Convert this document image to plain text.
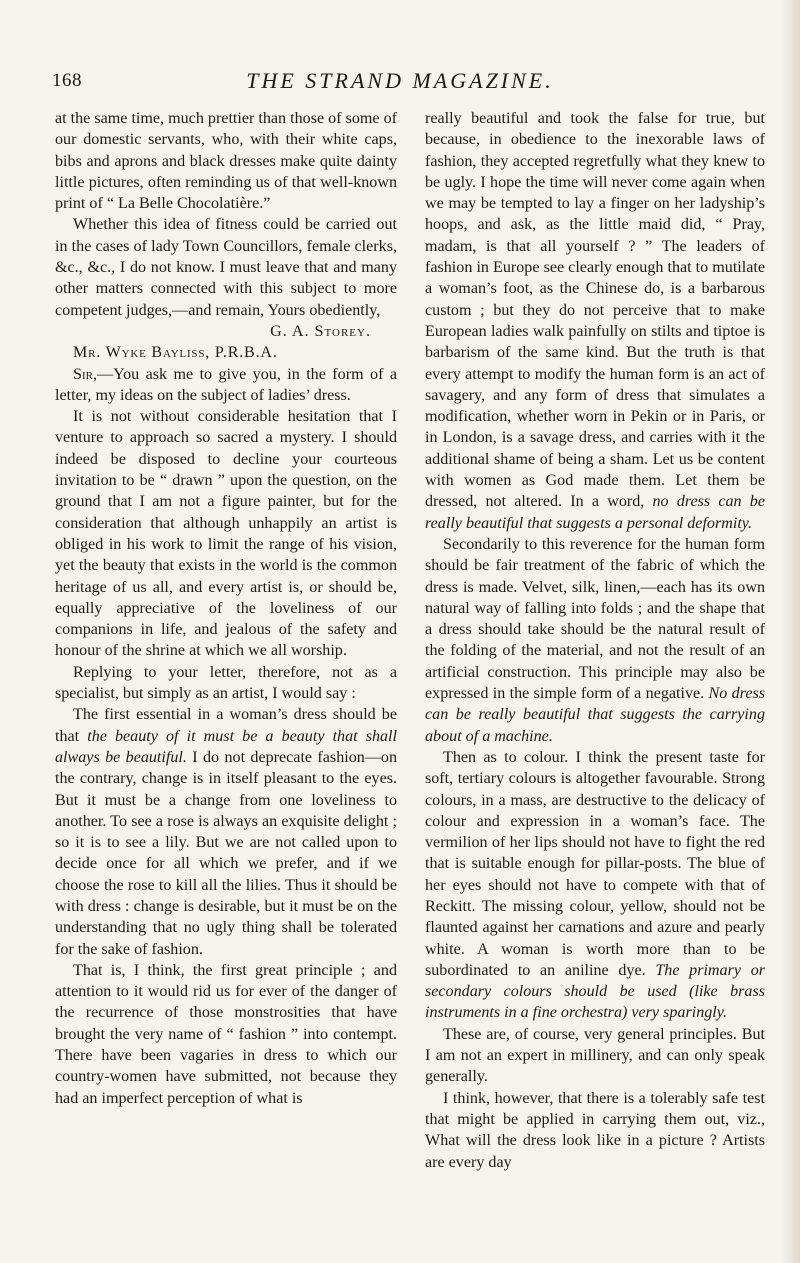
168	THE STRAND MAGAZINE.

at the same time, much prettier than those of some of our domestic servants, who, with their white caps, bibs and aprons and black dresses make quite dainty little pictures, often reminding us of that well-known print of “ La Belle Chocolatière.”

Whether this idea of fitness could be carried out in the cases of lady Town Councillors, female clerks, &c., &c., I do not know. I must leave that and many other matters connected with this subject to more competent judges,—and remain, Yours obediently,

G. A. Storey.

Mr. Wyke Bayliss, P.R.B.A.

Sir,—You ask me to give you, in the form of a letter, my ideas on the subject of ladies’ dress.

It is not without considerable hesitation that I venture to approach so sacred a mystery. I should indeed be disposed to decline your courteous invitation to be “ drawn ” upon the question, on the ground that I am not a figure painter, but for the consideration that although unhappily an artist is obliged in his work to limit the range of his vision, yet the beauty that exists in the world is the common heritage of us all, and every artist is, or should be, equally appreciative of the loveliness of our companions in life, and jealous of the safety and honour of the shrine at which we all worship.

Replying to your letter, therefore, not as a specialist, but simply as an artist, I would say :

The first essential in a woman’s dress should be that the beauty of it must be a beauty that shall always be beautiful. I do not deprecate fashion—on the contrary, change is in itself pleasant to the eyes. But it must be a change from one loveliness to another. To see a rose is always an exquisite delight ; so it is to see a lily. But we are not called upon to decide once for all which we prefer, and if we choose the rose to kill all the lilies. Thus it should be with dress : change is desirable, but it must be on the understanding that no ugly thing shall be tolerated for the sake of fashion.

That is, I think, the first great principle ; and attention to it would rid us for ever of the danger of the recurrence of those monstrosities that have brought the very name of “ fashion ” into contempt. There have been vagaries in dress to which our country-women have submitted, not because they had an imperfect perception of what is

really beautiful and took the false for true, but because, in obedience to the inexorable laws of fashion, they accepted regretfully what they knew to be ugly. I hope the time will never come again when we may be tempted to lay a finger on her ladyship’s hoops, and ask, as the little maid did, “ Pray, madam, is that all yourself ? ” The leaders of fashion in Europe see clearly enough that to mutilate a woman’s foot, as the Chinese do, is a barbarous custom ; but they do not perceive that to make European ladies walk painfully on stilts and tiptoe is barbarism of the same kind. But the truth is that every attempt to modify the human form is an act of savagery, and any form of dress that simulates a modification, whether worn in Pekin or in Paris, or in London, is a savage dress, and carries with it the additional shame of being a sham. Let us be content with women as God made them. Let them be dressed, not altered. In a word, no dress can be really beautiful that suggests a personal deformity.

Secondarily to this reverence for the human form should be fair treatment of the fabric of which the dress is made. Velvet, silk, linen,—each has its own natural way of falling into folds ; and the shape that a dress should take should be the natural result of the folding of the material, and not the result of an artificial construction. This principle may also be expressed in the simple form of a negative. No dress can be really beautiful that suggests the carrying about of a machine.

Then as to colour. I think the present taste for soft, tertiary colours is altogether favourable. Strong colours, in a mass, are destructive to the delicacy of colour and expression in a woman’s face. The vermilion of her lips should not have to fight the red that is suitable enough for pillar-posts. The blue of her eyes should not have to compete with that of Reckitt. The missing colour, yellow, should not be flaunted against her carnations and azure and pearly white. A woman is worth more than to be subordinated to an aniline dye. The primary or secondary colours should be used (like brass instruments in a fine orchestra) very sparingly.

These are, of course, very general principles. But I am not an expert in millinery, and can only speak generally.

I think, however, that there is a tolerably safe test that might be applied in carrying them out, viz., What will the dress look like in a picture ? Artists are every day
